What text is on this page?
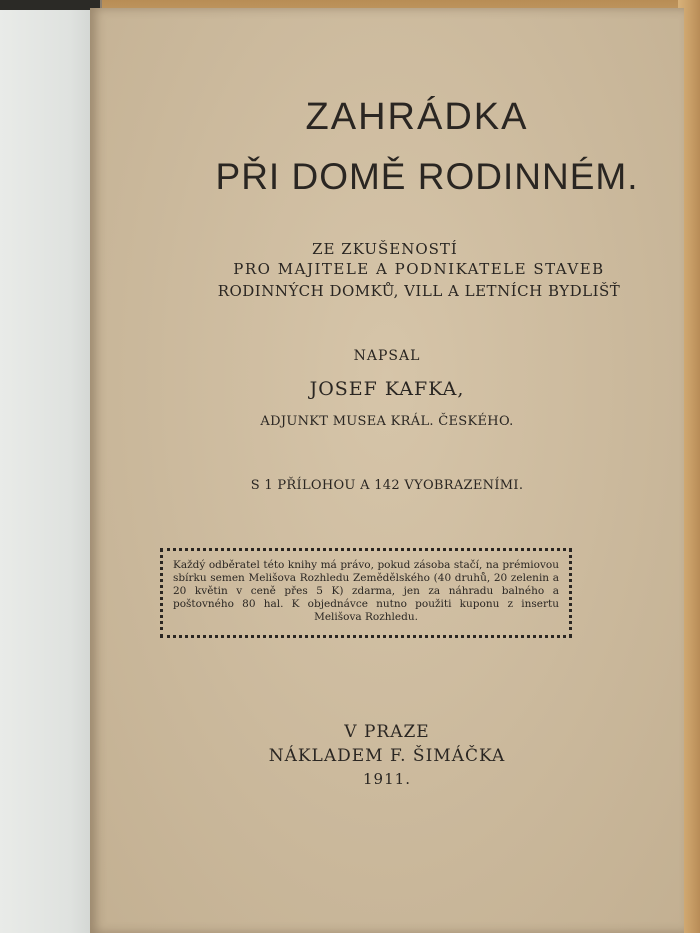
ZAHRÁDKA
PŘI DOMĚ RODINNÉM.
ZE ZKUŠENOSTÍ
PRO MAJITELE A PODNIKATELE STAVEB
RODINNÝCH DOMKŮ, VILL A LETNÍCH BYDLIŠŤ
NAPSAL
JOSEF KAFKA,
ADJUNKT MUSEA KRÁL. ČESKÉHO.
S 1 PŘÍLOHOU A 142 VYOBRAZENÍMI.

Každý odběratel této knihy má právo, pokud zásoba stačí, na prémiovou sbírku semen Melišova Rozhledu Zemědělského (40 druhů, 20 zelenin a 20 květin v ceně přes 5 K) zdarma, jen za náhradu balného a poštovného 80 hal. K objednávce nutno použiti kuponu z insertu Melišova Rozhledu.

V PRAZE
NÁKLADEM F. ŠIMÁČKA
1911.
